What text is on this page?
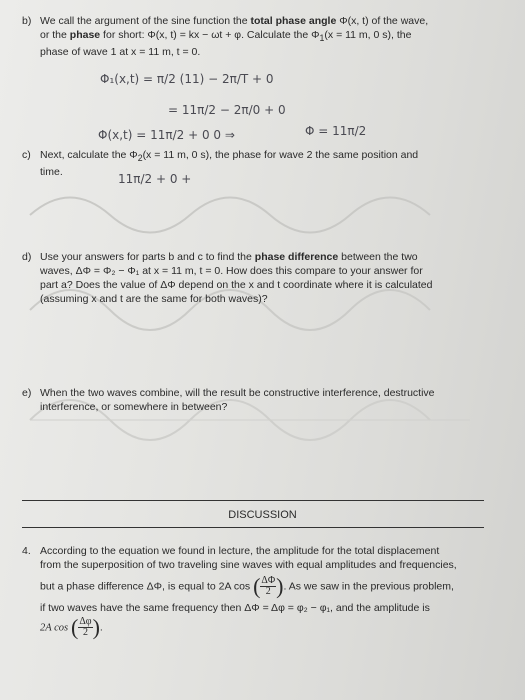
b) We call the argument of the sine function the total phase angle Φ(x, t) of the wave,
or the phase for short: Φ(x, t) = kx − ωt + φ. Calculate the $\Phi_1(x = 11$ m, 0 s), the
phase of wave 1 at x = 11 m, t = 0.
Φ₁(x,t) = π/2 (11) − 2π/T + 0
= 11π/2 − 2π/0 + 0
Φ(x,t) = 11π/2 + 0 0 ⇒	Φ = 11π/2
c) Next, calculate the $\Phi_2(x = 11$ m, 0 s), the phase for wave 2 the same position and
time.	11π/2 + 0 +
d) Use your answers for parts b and c to find the phase difference between the two
waves, ΔΦ = Φ₂ − Φ₁ at x = 11 m, t = 0. How does this compare to your answer for
part a? Does the value of ΔΦ depend on the x and t coordinate where it is calculated
(assuming x and t are the same for both waves)?
e) When the two waves combine, will the result be constructive interference, destructive
interference, or somewhere in between?
DISCUSSION
4. According to the equation we found in lecture, the amplitude for the total displacement
from the superposition of two traveling sine waves with equal amplitudes and frequencies,
but a phase difference ΔΦ, is equal to 2A cos ( $\frac{\Delta\Phi}{2}$ ). As we saw in the previous problem,
if two waves have the same frequency then ΔΦ = Δφ = φ₂ − φ₁, and the amplitude is
2A cos ( $\frac{\Delta\varphi}{2}$ ).
